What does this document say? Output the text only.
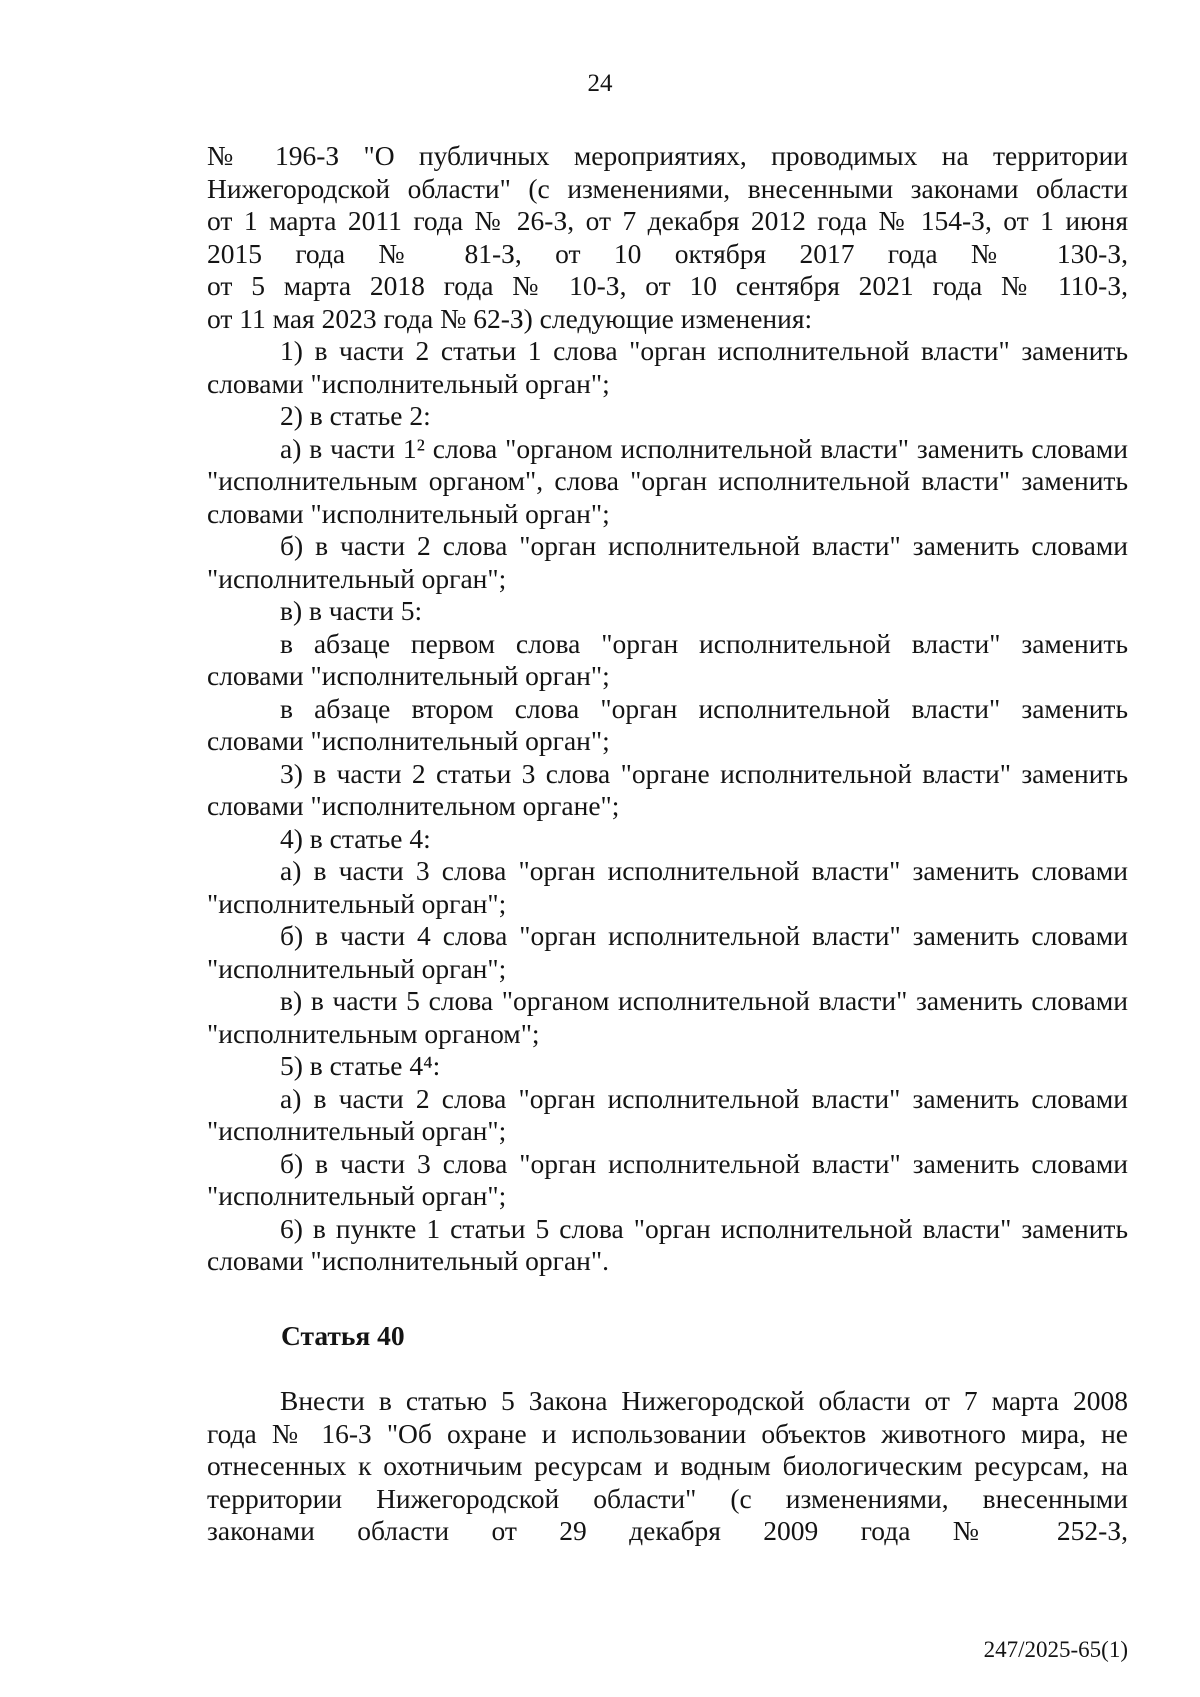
24

№ 196-З "О публичных мероприятиях, проводимых на территории

Нижегородской области" (с изменениями, внесенными законами области

от 1 марта 2011 года № 26-З, от 7 декабря 2012 года № 154-З, от 1 июня

2015 года № 81-З, от 10 октября 2017 года № 130-З,

от 5 марта 2018 года № 10-З, от 10 сентября 2021 года № 110-З,

от 11 мая 2023 года № 62-З) следующие изменения:

1) в части 2 статьи 1 слова "орган исполнительной власти" заменить словами "исполнительный орган";

2) в статье 2:

а) в части 1² слова "органом исполнительной власти" заменить словами "исполнительным органом", слова "орган исполнительной власти" заменить словами "исполнительный орган";

б) в части 2 слова "орган исполнительной власти" заменить словами "исполнительный орган";

в) в части 5:

в абзаце первом слова "орган исполнительной власти" заменить словами "исполнительный орган";

в абзаце втором слова "орган исполнительной власти" заменить словами "исполнительный орган";

3) в части 2 статьи 3 слова "органе исполнительной власти" заменить словами "исполнительном органе";

4) в статье 4:

а) в части 3 слова "орган исполнительной власти" заменить словами "исполнительный орган";

б) в части 4 слова "орган исполнительной власти" заменить словами "исполнительный орган";

в) в части 5 слова "органом исполнительной власти" заменить словами "исполнительным органом";

5) в статье 4⁴:

а) в части 2 слова "орган исполнительной власти" заменить словами "исполнительный орган";

б) в части 3 слова "орган исполнительной власти" заменить словами "исполнительный орган";

6) в пункте 1 статьи 5 слова "орган исполнительной власти" заменить словами "исполнительный орган".

Статья 40

Внести в статью 5 Закона Нижегородской области от 7 марта 2008

года № 16-З "Об охране и использовании объектов животного мира, не

отнесенных к охотничьим ресурсам и водным биологическим ресурсам, на

территории Нижегородской области" (с изменениями, внесенными

законами области от 29 декабря 2009 года № 252-З,

247/2025-65(1)
